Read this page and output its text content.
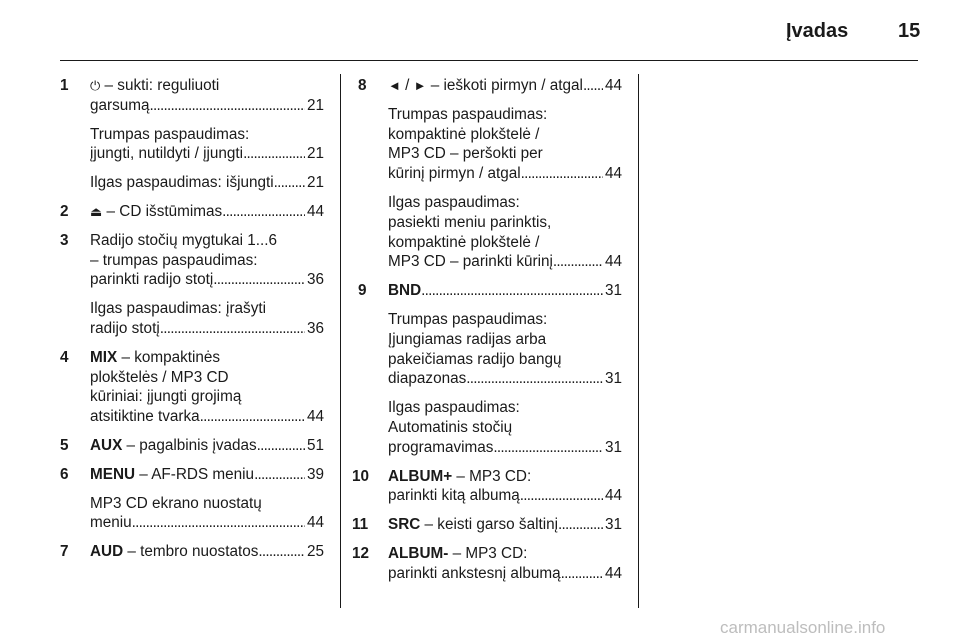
Įvadas 15
1 ⏻ – sukti: reguliuoti
garsumą . . .	21

Trumpas paspaudimas:
įjungti, nutildyti / įjungti . . .	21

Ilgas paspaudimas: išjungti . . . 21

2 ⏏ – CD išstūmimas . . .	44

3 Radijo stočių mygtukai 1...6
– trumpas paspaudimas:
parinkti radijo stotį . . .	36

Ilgas paspaudimas: įrašyti
radijo stotį . . .	36

4 MIX – kompaktinės
plokštelės / MP3 CD
kūriniai: įjungti grojimą
atsitiktine tvarka . . .	44

5 AUX – pagalbinis įvadas . . .	51

6 MENU – AF-RDS meniu . . .	39

MP3 CD ekrano nuostatų
meniu . . .	44

7 AUD – tembro nuostatos . . .	25

8 ◄ / ► – ieškoti pirmyn / atgal . . . 44

Trumpas paspaudimas:
kompaktinė plokštelė /
MP3 CD – peršokti per
kūrinį pirmyn / atgal . . .	44

Ilgas paspaudimas:
pasiekti meniu parinktis,
kompaktinė plokštelė /
MP3 CD – parinkti kūrinį . . .	44

9 BND . . .	31

Trumpas paspaudimas:
Įjungiamas radijas arba
pakeičiamas radijo bangų
diapazonas . . .	31

Ilgas paspaudimas:
Automatinis stočių
programavimas . . .	31

10 ALBUM+ – MP3 CD:
parinkti kitą albumą . . .	44

11 SRC – keisti garso šaltinį . . .	31

12 ALBUM- – MP3 CD:
parinkti ankstesnį albumą . . .	44

carmanualsonline.info
